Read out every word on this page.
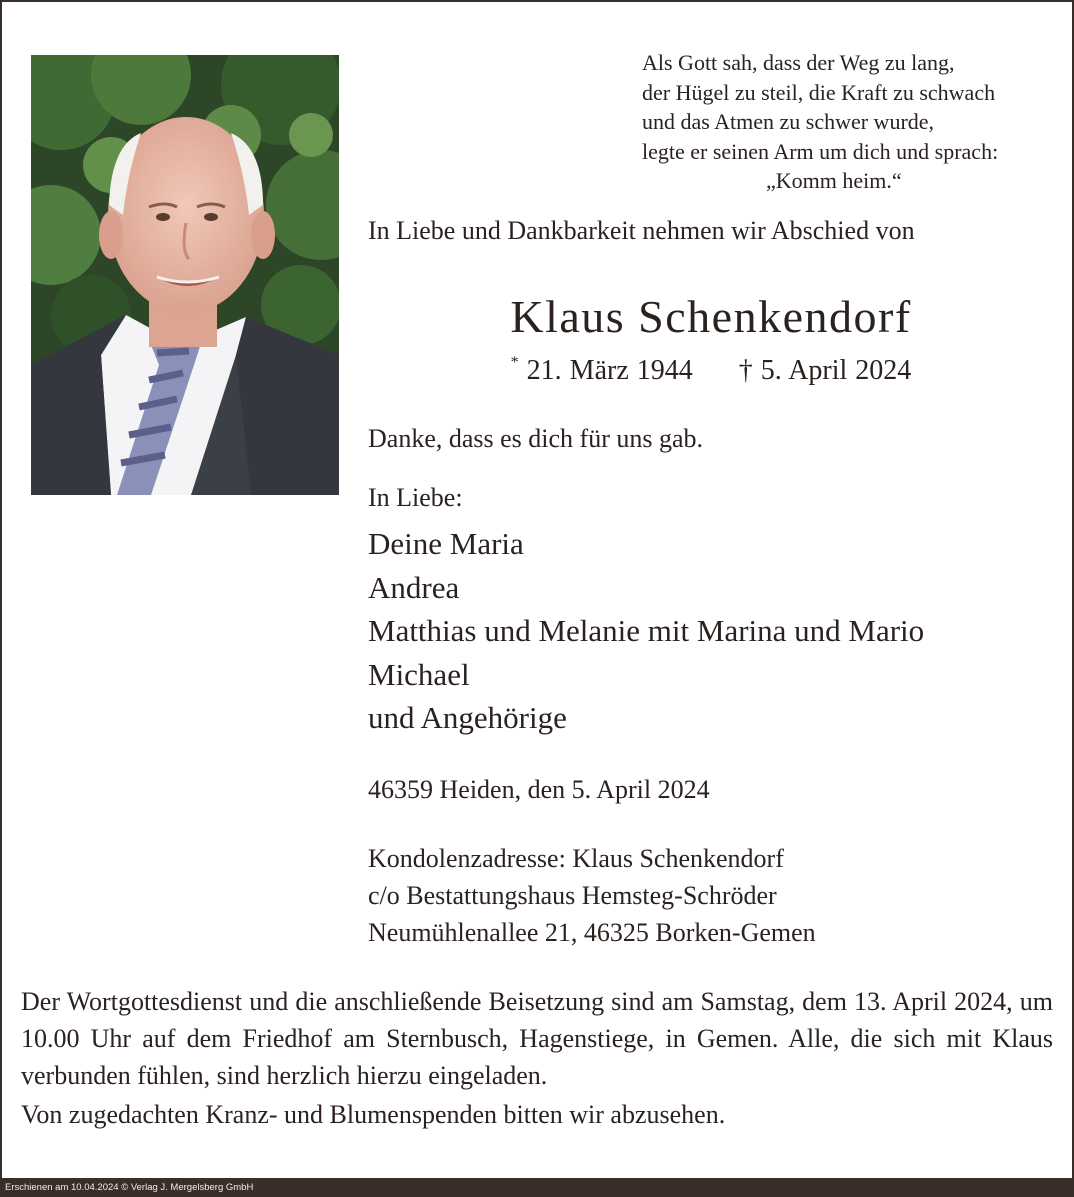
Als Gott sah, dass der Weg zu lang,
der Hügel zu steil, die Kraft zu schwach
und das Atmen zu schwer wurde,
legte er seinen Arm um dich und sprach:
„Komm heim.“
In Liebe und Dankbarkeit nehmen wir Abschied von
Klaus Schenkendorf
* 21. März 1944 † 5. April 2024
Danke, dass es dich für uns gab.
In Liebe:
Deine Maria
Andrea
Matthias und Melanie mit Marina und Mario
Michael
und Angehörige
46359 Heiden, den 5. April 2024
Kondolenzadresse: Klaus Schenkendorf
c/o Bestattungshaus Hemsteg-Schröder
Neumühlenallee 21, 46325 Borken-Gemen
Der Wortgottesdienst und die anschließende Beisetzung sind am Samstag, dem 13. April 2024, um 10.00 Uhr auf dem Friedhof am Sternbusch, Hagenstiege, in Gemen. Alle, die sich mit Klaus verbunden fühlen, sind herzlich hierzu eingeladen.
Von zugedachten Kranz- und Blumenspenden bitten wir abzusehen.
Erschienen am 10.04.2024 © Verlag J. Mergelsberg GmbH
